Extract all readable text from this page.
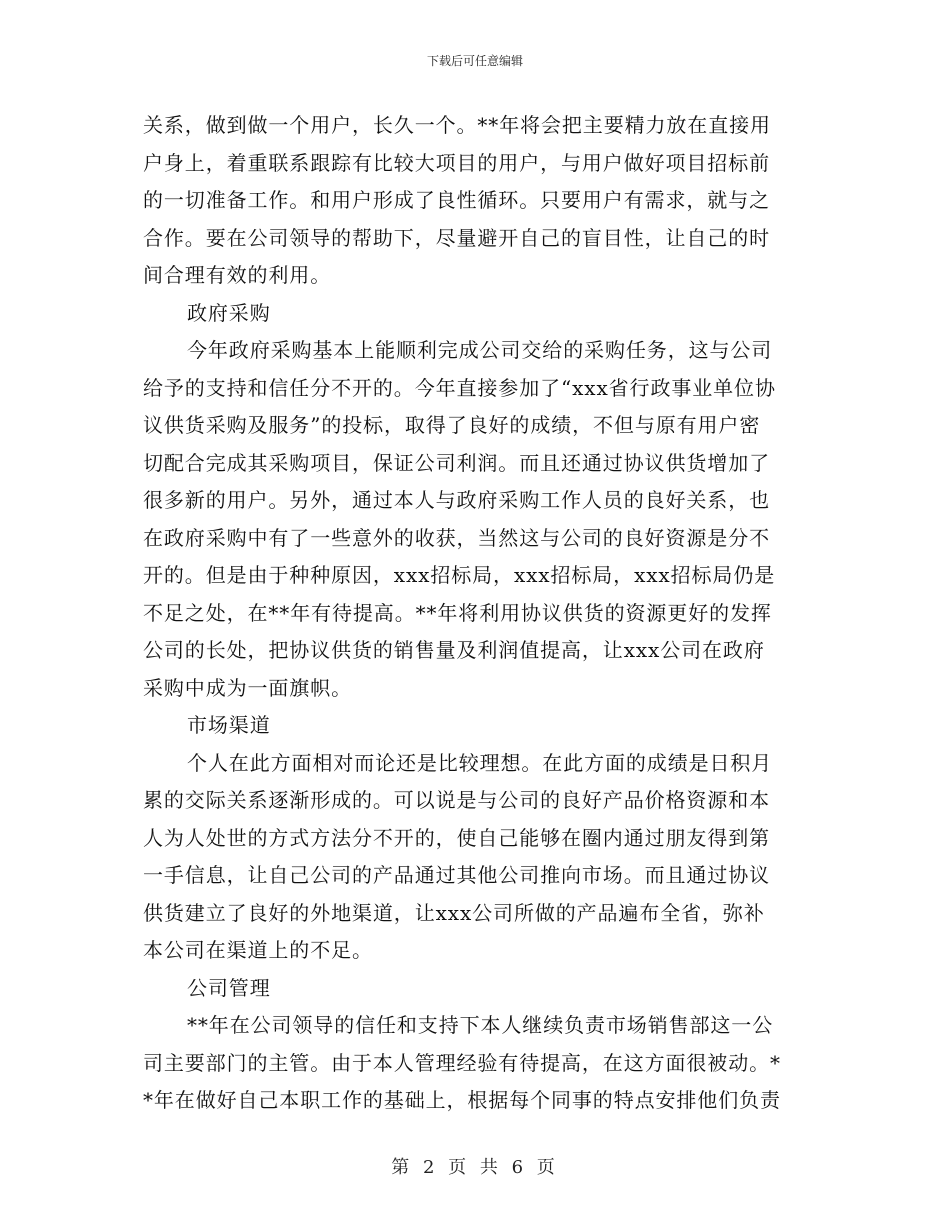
下载后可任意编辑
关系，做到做一个用户，长久一个。**年将会把主要精力放在直接用
户身上，着重联系跟踪有比较大项目的用户，与用户做好项目招标前
的一切准备工作。和用户形成了良性循环。只要用户有需求，就与之
合作。要在公司领导的帮助下，尽量避开自己的盲目性，让自己的时
间合理有效的利用。
政府采购
今年政府采购基本上能顺利完成公司交给的采购任务，这与公司
给予的支持和信任分不开的。今年直接参加了“xxx省行政事业单位协
议供货采购及服务”的投标，取得了良好的成绩，不但与原有用户密
切配合完成其采购项目，保证公司利润。而且还通过协议供货增加了
很多新的用户。另外，通过本人与政府采购工作人员的良好关系，也
在政府采购中有了一些意外的收获，当然这与公司的良好资源是分不
开的。但是由于种种原因，xxx招标局，xxx招标局，xxx招标局仍是
不足之处，在**年有待提高。**年将利用协议供货的资源更好的发挥
公司的长处，把协议供货的销售量及利润值提高，让xxx公司在政府
采购中成为一面旗帜。
市场渠道
个人在此方面相对而论还是比较理想。在此方面的成绩是日积月
累的交际关系逐渐形成的。可以说是与公司的良好产品价格资源和本
人为人处世的方式方法分不开的，使自己能够在圈内通过朋友得到第
一手信息，让自己公司的产品通过其他公司推向市场。而且通过协议
供货建立了良好的外地渠道，让xxx公司所做的产品遍布全省，弥补
本公司在渠道上的不足。
公司管理
**年在公司领导的信任和支持下本人继续负责市场销售部这一公
司主要部门的主管。由于本人管理经验有待提高，在这方面很被动。*
*年在做好自己本职工作的基础上，根据每个同事的特点安排他们负责
第 2 页 共 6 页
